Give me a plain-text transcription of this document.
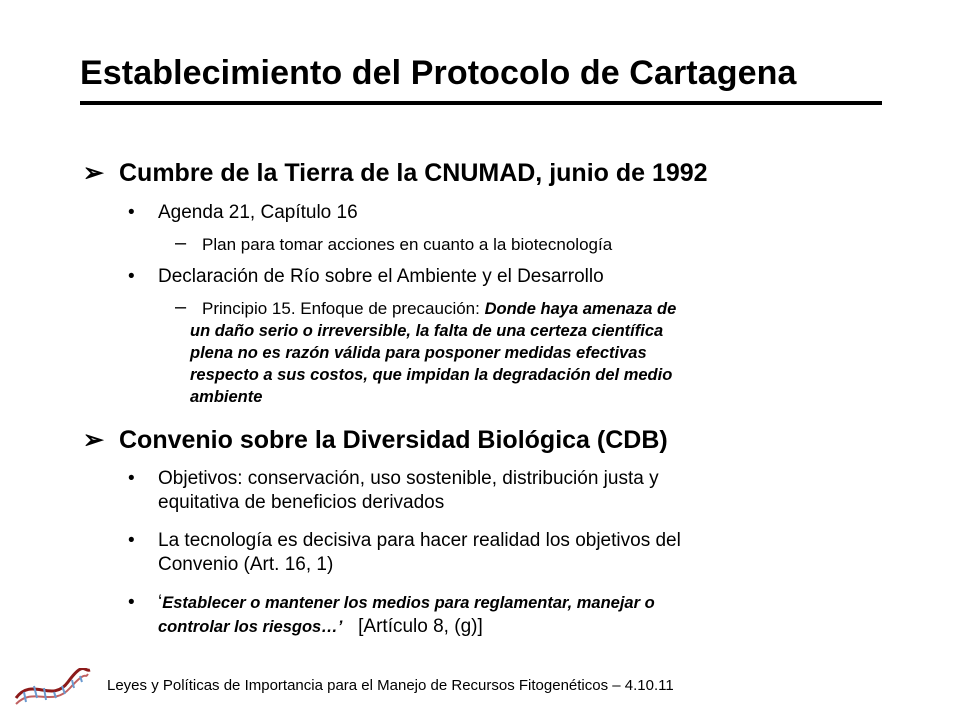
Establecimiento del Protocolo de Cartagena
➢ Cumbre de la Tierra de la CNUMAD, junio de 1992
• Agenda 21, Capítulo 16
– Plan para tomar acciones en cuanto a la biotecnología
• Declaración de Río sobre el Ambiente y el Desarrollo
– Principio 15. Enfoque de precaución: Donde haya amenaza de
un daño serio o irreversible, la falta de una certeza científica
plena no es razón válida para posponer medidas efectivas
respecto a sus costos, que impidan la degradación del medio
ambiente
➢ Convenio sobre la Diversidad Biológica (CDB)
• Objetivos: conservación, uso sostenible, distribución justa y
equitativa de beneficios derivados
• La tecnología es decisiva para hacer realidad los objetivos del
Convenio (Art. 16, 1)
• ‘Establecer o mantener los medios para reglamentar, manejar o
controlar los riesgos…’ [Artículo 8, (g)]
Leyes y Políticas de Importancia para el Manejo de Recursos Fitogenéticos – 4.10.11
